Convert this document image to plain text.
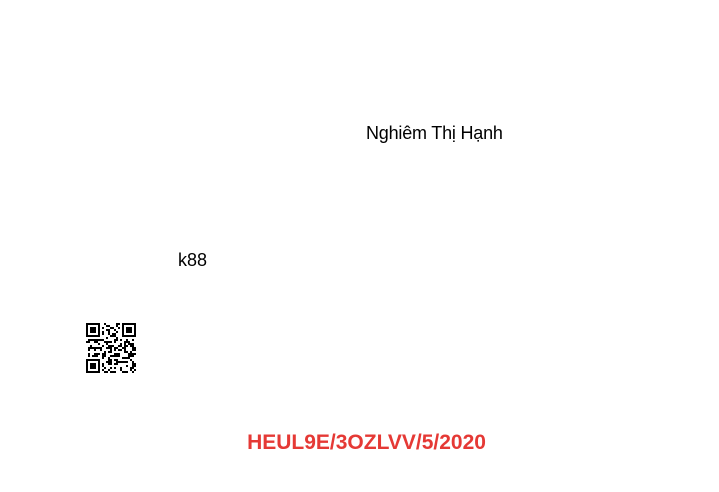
Nghiêm Thị Hạnh
k88
HEUL9E/3OZLVV/5/2020
